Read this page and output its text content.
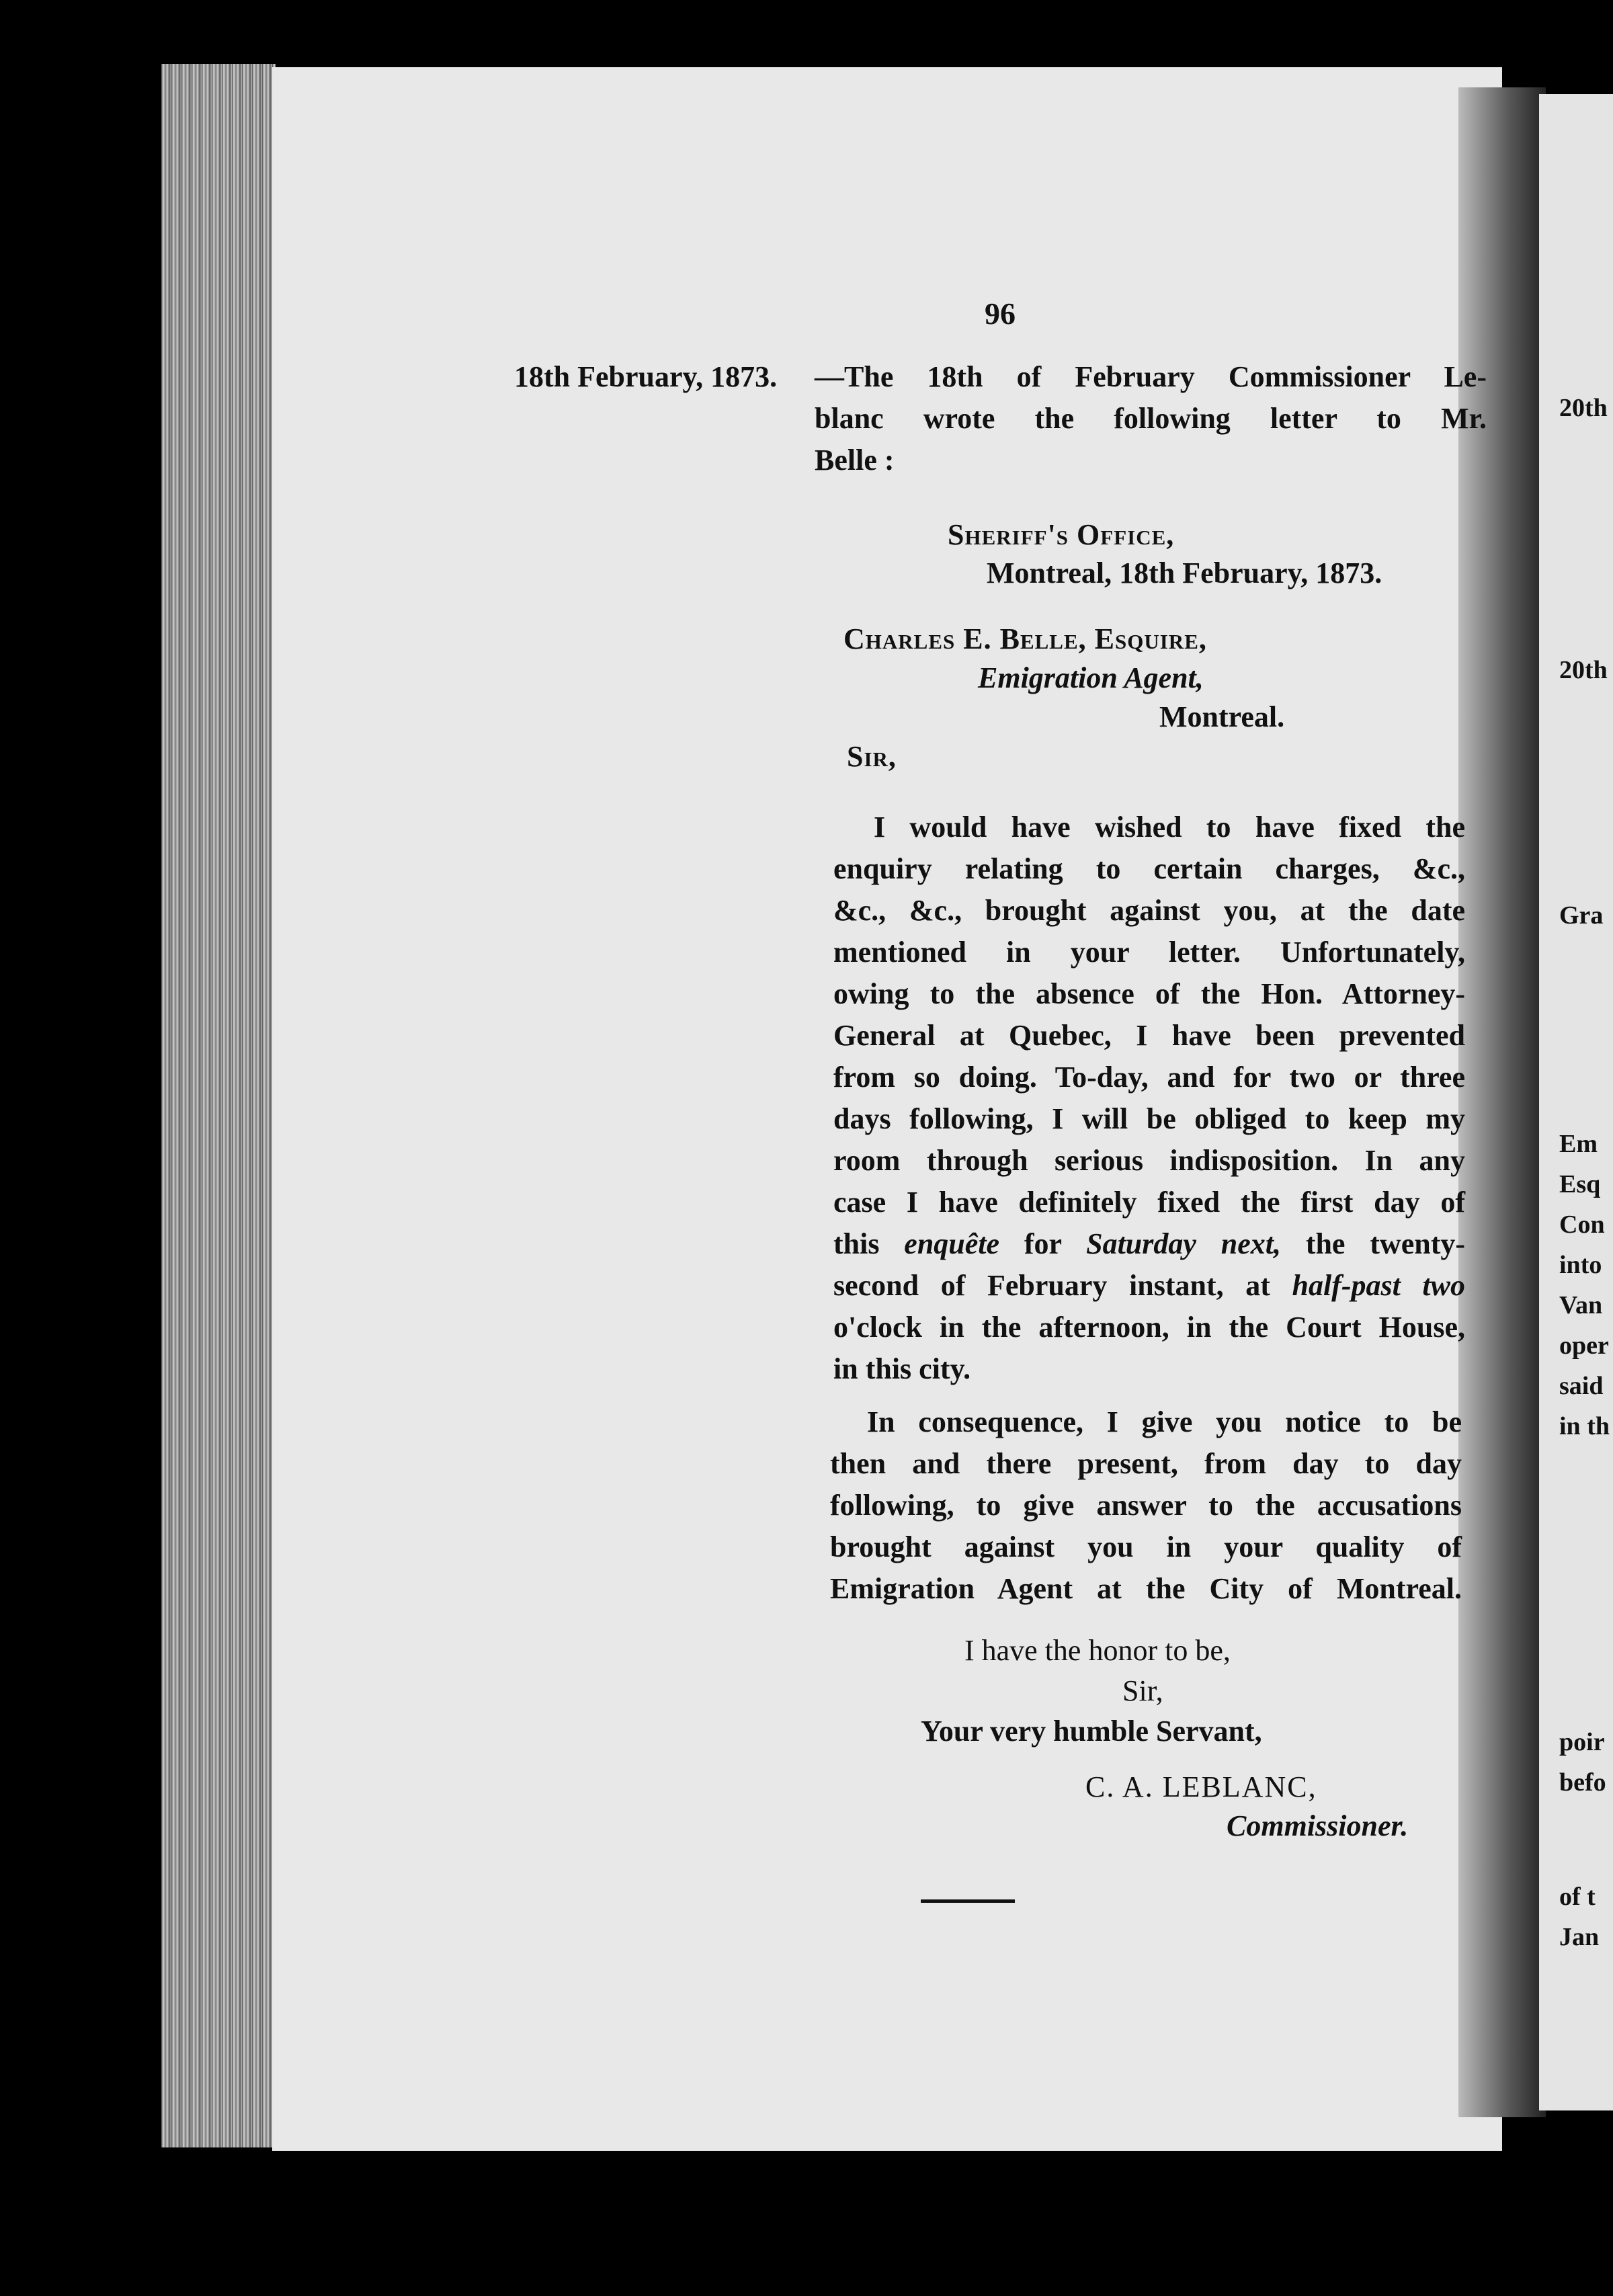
20th
20th
Gra
Em
Esq
Con
into
Van
oper
said
in th
poir
befo
of t
Jan
96
18th February, 1873. —The 18th of February Commissioner Le-
blanc wrote the following letter to Mr.
Belle :
Sheriff's Office,
Montreal, 18th February, 1873.
Charles E. Belle, Esquire,
Emigration Agent,
Montreal.
Sir,
I would have wished to have fixed the
enquiry relating to certain charges, &c.,
&c., &c., brought against you, at the date
mentioned in your letter. Unfortunately,
owing to the absence of the Hon. Attorney-
General at Quebec, I have been prevented
from so doing. To-day, and for two or three
days following, I will be obliged to keep my
room through serious indisposition. In any
case I have definitely fixed the first day of
this enquête for Saturday next, the twenty-
second of February instant, at half-past two
o'clock in the afternoon, in the Court House,
in this city.
In consequence, I give you notice to be
then and there present, from day to day
following, to give answer to the accusations
brought against you in your quality of
Emigration Agent at the City of Montreal.
I have the honor to be,
Sir,
Your very humble Servant,
C. A. LEBLANC,
Commissioner.
